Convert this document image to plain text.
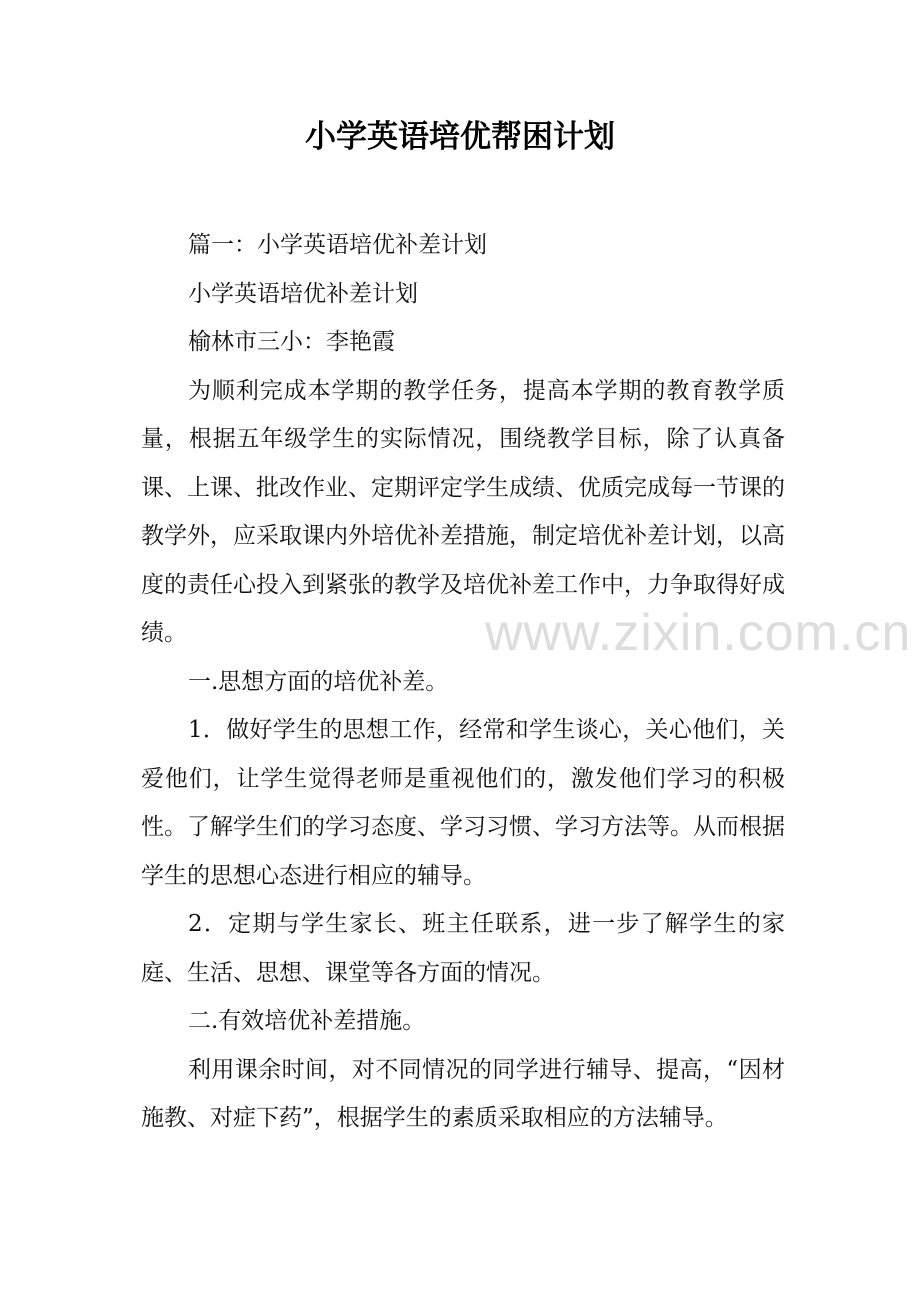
小学英语培优帮困计划

篇一：小学英语培优补差计划

小学英语培优补差计划

榆林市三小：李艳霞

为顺利完成本学期的教学任务，提高本学期的教育教学质量，根据五年级学生的实际情况，围绕教学目标，除了认真备课、上课、批改作业、定期评定学生成绩、优质完成每一节课的教学外，应采取课内外培优补差措施，制定培优补差计划，以高度的责任心投入到紧张的教学及培优补差工作中，力争取得好成绩。

一.思想方面的培优补差。

1．做好学生的思想工作，经常和学生谈心，关心他们，关爱他们，让学生觉得老师是重视他们的，激发他们学习的积极性。了解学生们的学习态度、学习习惯、学习方法等。从而根据学生的思想心态进行相应的辅导。

2．定期与学生家长、班主任联系，进一步了解学生的家庭、生活、思想、课堂等各方面的情况。

二.有效培优补差措施。

利用课余时间，对不同情况的同学进行辅导、提高，“因材施教、对症下药”，根据学生的素质采取相应的方法辅导。

www.zixin.com.cn
